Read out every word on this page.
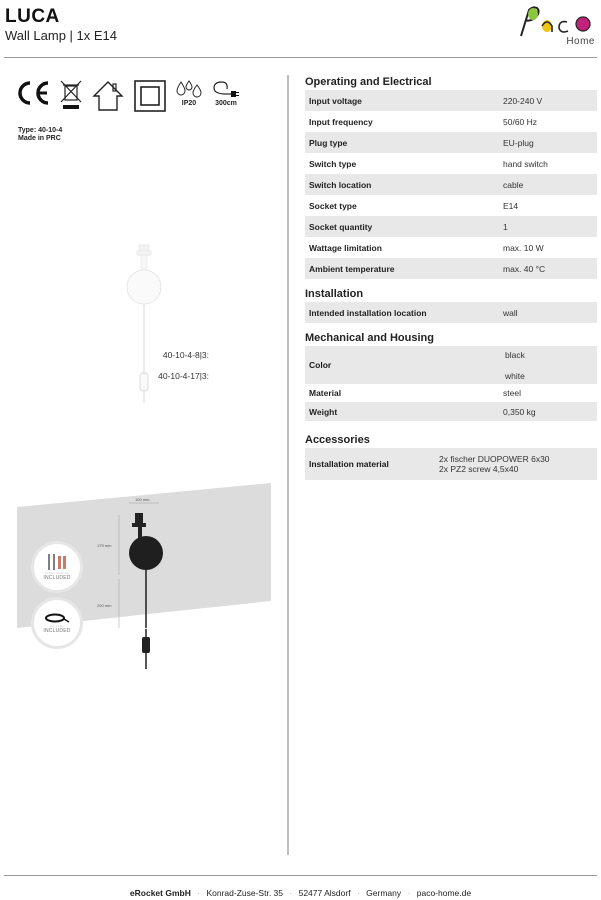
LUCA
Wall Lamp | 1x E14	Home
IP20	300cm
Type: 40-10-4
Made in PRC
100 mm
175 mm
200 mm
Fischer Dowel Set
INCLUDED
3 m Cable
INCLUDED
Operating and Electrical
Input voltage	220-240 V
Input frequency	50/60 Hz
Plug type	EU-plug
Switch type	hand switch
Switch location	cable
Socket type	E14
Socket quantity	1
Wattage limitation	max. 10 W
Ambient temperature	max. 40 °C
Installation
Intended installation location	wall
Mechanical and Housing
Color
40-10-4-8|3:	black
40-10-4-17|3:	white
Material	steel
Weight	0,350 kg
Accessories
Installation material	2x fischer DUOPOWER 6x30
2x PZ2 screw 4,5x40
eRocket GmbH · Konrad-Zuse-Str. 35 · 52477 Alsdorf · Germany · paco-home.de
